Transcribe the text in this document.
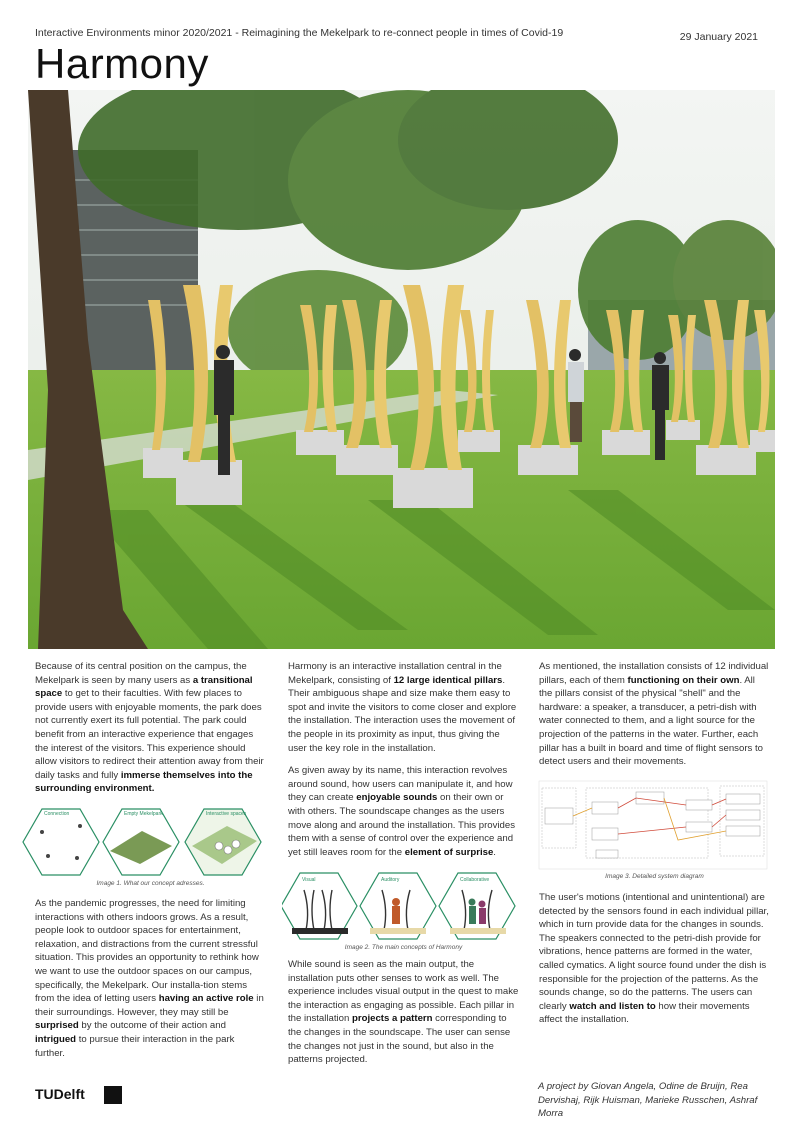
Interactive Environments minor 2020/2021 - Reimagining the Mekelpark to re-connect people in times of Covid-19	29 January 2021
Harmony

Because of its central position on the campus, the Mekelpark is seen by many users as a transitional space to get to their faculties. With few places to provide users with enjoyable moments, the park does not currently exert its full potential. The park could benefit from an interactive experience that engages the interest of the visitors. This experience should allow visitors to redirect their attention away from their daily tasks and fully immerse themselves into the surrounding environment.

Connection	Empty Mekelpark	Interactive spaces
Image 1. What our concept adresses.

As the pandemic progresses, the need for limiting interactions with others indoors grows. As a result, people look to outdoor spaces for entertainment, relaxation, and distractions from the current stressful situation. This provides an opportunity to rethink how we want to use the outdoor spaces on our campus, specifically, the Mekelpark. Our installa-tion stems from the idea of letting users having an active role in their surroundings. However, they may still be surprised by the outcome of their action and intrigued to pursue their interaction in the park further.

Harmony is an interactive installation central in the Mekelpark, consisting of 12 large identical pillars. Their ambiguous shape and size make them easy to spot and invite the visitors to come closer and explore the installation. The interaction uses the movement of the people in its proximity as input, thus giving the user the key role in the installation.

As given away by its name, this interaction revolves around sound, how users can manipulate it, and how they can create enjoyable sounds on their own or with others. The soundscape changes as the users move along and around the installation. This provides them with a sense of control over the experience and yet still leaves room for the element of surprise.

Visual	Auditory	Collaborative
Image 2. The main concepts of Harmony

While sound is seen as the main output, the installation puts other senses to work as well. The experience includes visual output in the quest to make the interaction as engaging as possible. Each pillar in the installation projects a pattern corresponding to the changes in the soundscape. The user can sense the changes not just in the sound, but also in the patterns projected.

As mentioned, the installation consists of 12 individual pillars, each of them functioning on their own. All the pillars consist of the physical "shell" and the hardware: a speaker, a transducer, a petri-dish with water connected to them, and a light source for the projection of the patterns in the water. Further, each pillar has a built in board and time of flight sensors to detect users and their movements.

Image 3. Detailed system diagram

The user's motions (intentional and unintentional) are detected by the sensors found in each individual pillar, which in turn provide data for the changes in sounds. The speakers connected to the petri-dish provide for vibrations, hence patterns are formed in the water, called cymatics. A light source found under the dish is responsible for the projection of the patterns. As the sounds change, so do the patterns. The users can clearly watch and listen to how their movements affect the installation.

TUDelft	A project by Giovan Angela, Odine de Bruijn, Rea Dervishaj, Rijk Huisman, Marieke Russchen, Ashraf Morra
